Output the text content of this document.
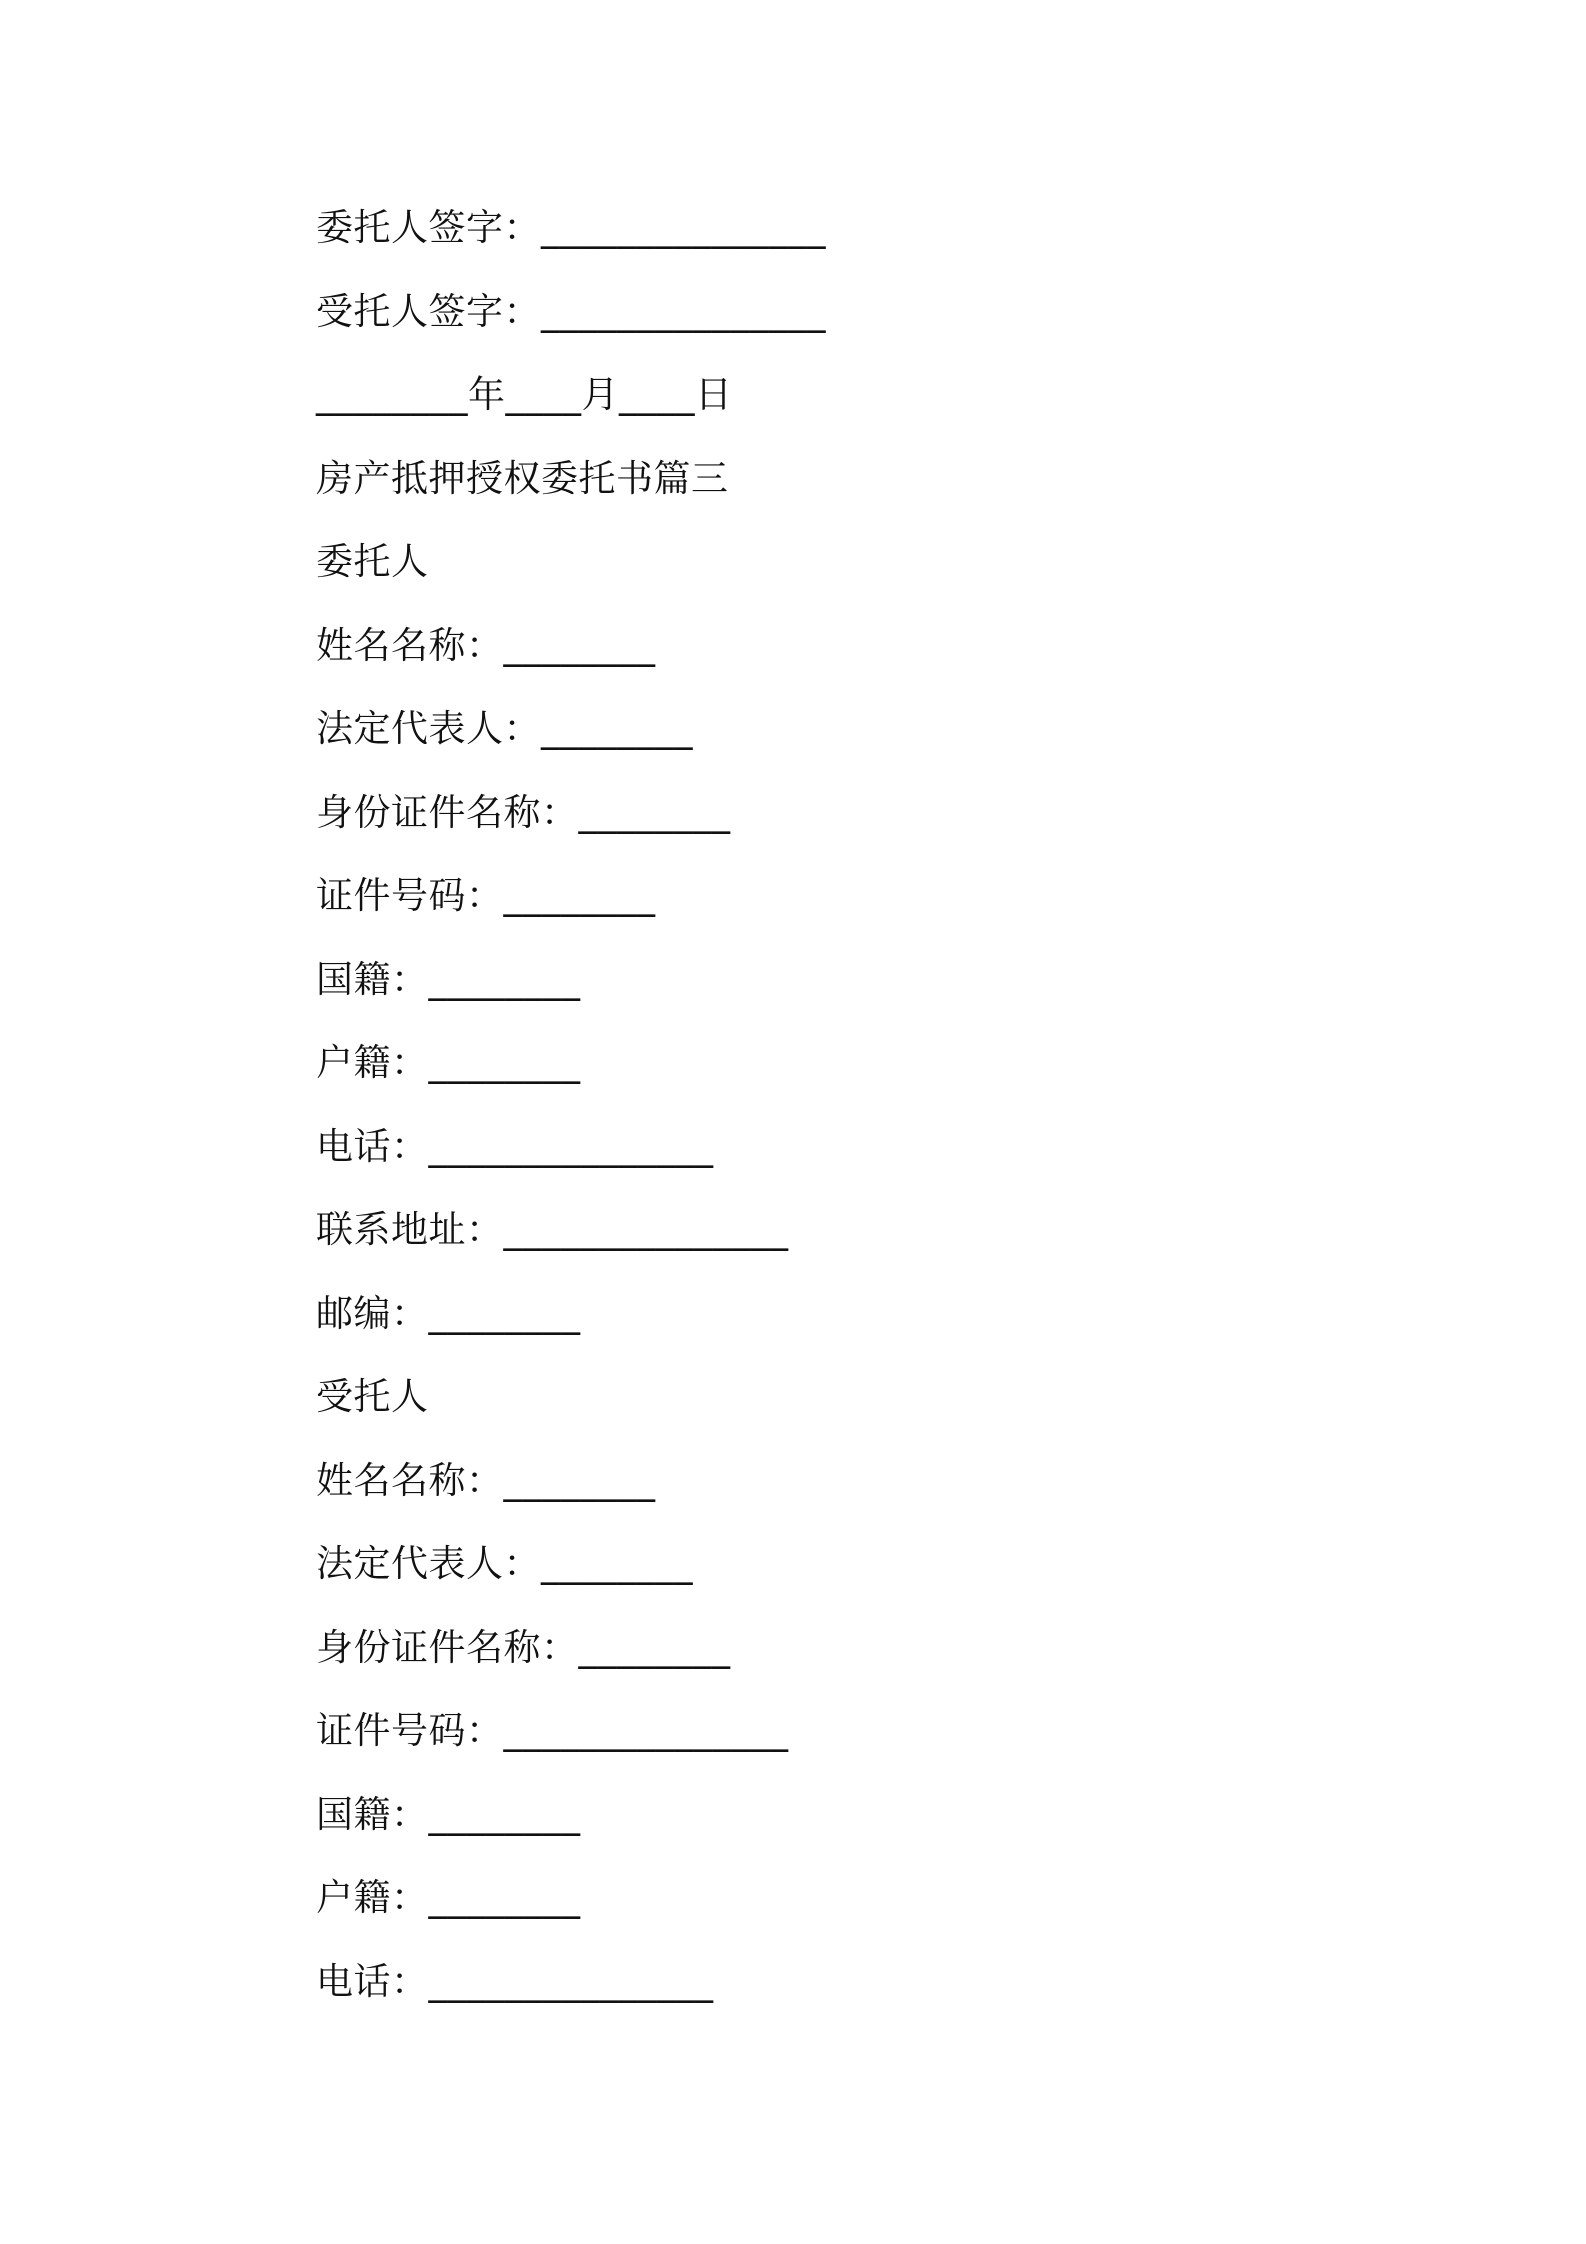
委托人签字：_______________
受托人签字：_______________
________年____月____日
房产抵押授权委托书篇三
委托人
姓名名称：________
法定代表人：________
身份证件名称：________
证件号码：________
国籍：________
户籍：________
电话：_______________
联系地址：_______________
邮编：________
受托人
姓名名称：________
法定代表人：________
身份证件名称：________
证件号码：_______________
国籍：________
户籍：________
电话：_______________
